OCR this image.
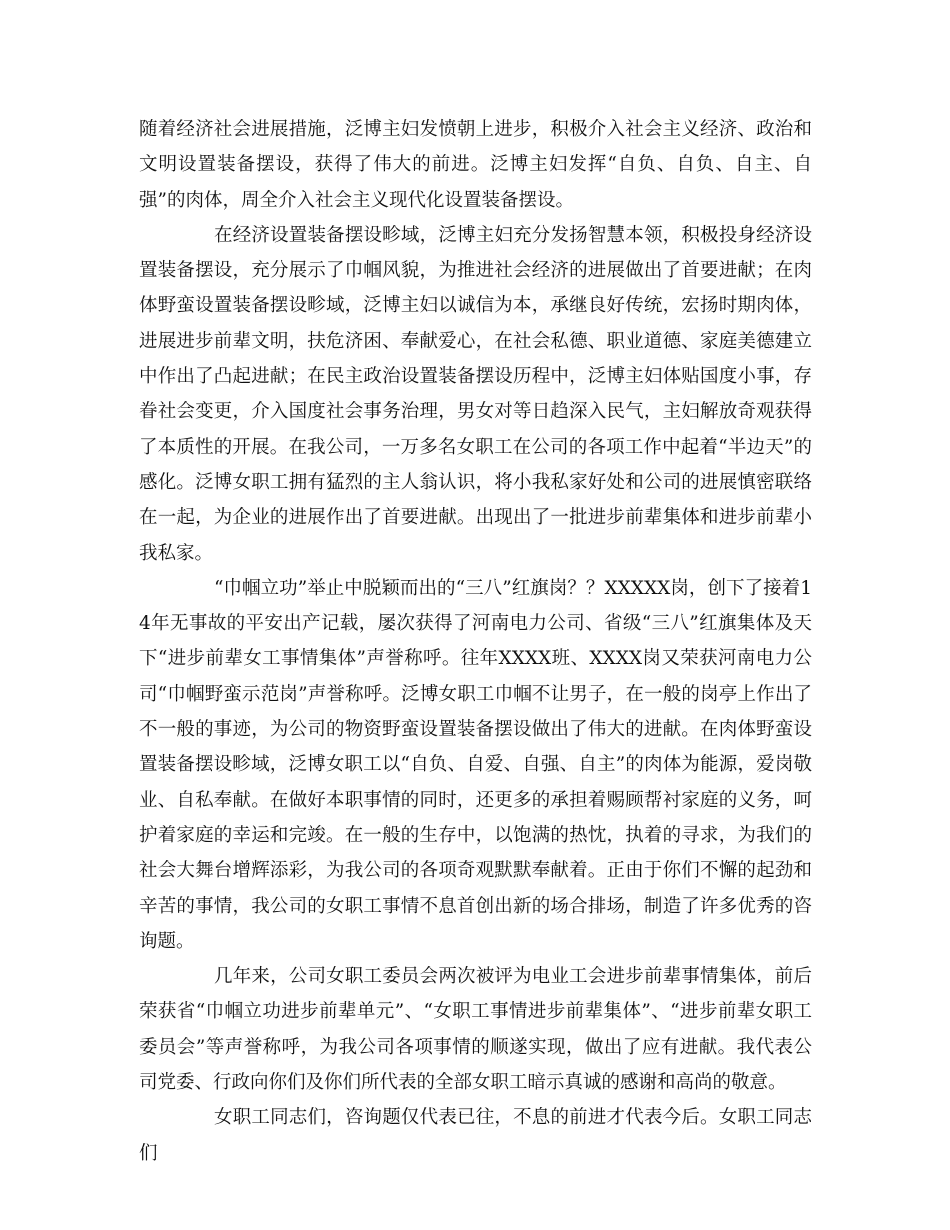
随着经济社会进展措施，泛博主妇发愤朝上进步，积极介入社会主义经济、政治和文明设置装备摆设，获得了伟大的前进。泛博主妇发挥“自负、自负、自主、自强”的肉体，周全介入社会主义现代化设置装备摆设。

在经济设置装备摆设畛域，泛博主妇充分发扬智慧本领，积极投身经济设置装备摆设，充分展示了巾帼风貌，为推进社会经济的进展做出了首要进献；在肉体野蛮设置装备摆设畛域，泛博主妇以诚信为本，承继良好传统，宏扬时期肉体，进展进步前辈文明，扶危济困、奉献爱心，在社会私德、职业道德、家庭美德建立中作出了凸起进献；在民主政治设置装备摆设历程中，泛博主妇体贴国度小事，存眷社会变更，介入国度社会事务治理，男女对等日趋深入民气，主妇解放奇观获得了本质性的开展。在我公司，一万多名女职工在公司的各项工作中起着“半边天”的感化。泛博女职工拥有猛烈的主人翁认识，将小我私家好处和公司的进展慎密联络在一起，为企业的进展作出了首要进献。出现出了一批进步前辈集体和进步前辈小我私家。

“巾帼立功”举止中脱颖而出的“三八”红旗岗？？XXXXX岗，创下了接着14年无事故的平安出产记载，屡次获得了河南电力公司、省级“三八”红旗集体及天下“进步前辈女工事情集体”声誉称呼。往年XXXX班、XXXX岗又荣获河南电力公司“巾帼野蛮示范岗”声誉称呼。泛博女职工巾帼不让男子，在一般的岗亭上作出了不一般的事迹，为公司的物资野蛮设置装备摆设做出了伟大的进献。在肉体野蛮设置装备摆设畛域，泛博女职工以“自负、自爱、自强、自主”的肉体为能源，爱岗敬业、自私奉献。在做好本职事情的同时，还更多的承担着赐顾帮衬家庭的义务，呵护着家庭的幸运和完竣。在一般的生存中，以饱满的热忱，执着的寻求，为我们的社会大舞台增辉添彩，为我公司的各项奇观默默奉献着。正由于你们不懈的起劲和辛苦的事情，我公司的女职工事情不息首创出新的场合排场，制造了许多优秀的咨询题。

几年来，公司女职工委员会两次被评为电业工会进步前辈事情集体，前后荣获省“巾帼立功进步前辈单元”、“女职工事情进步前辈集体”、“进步前辈女职工委员会”等声誉称呼，为我公司各项事情的顺遂实现，做出了应有进献。我代表公司党委、行政向你们及你们所代表的全部女职工暗示真诚的感谢和高尚的敬意。

女职工同志们，咨询题仅代表已往，不息的前进才代表今后。女职工同志们
